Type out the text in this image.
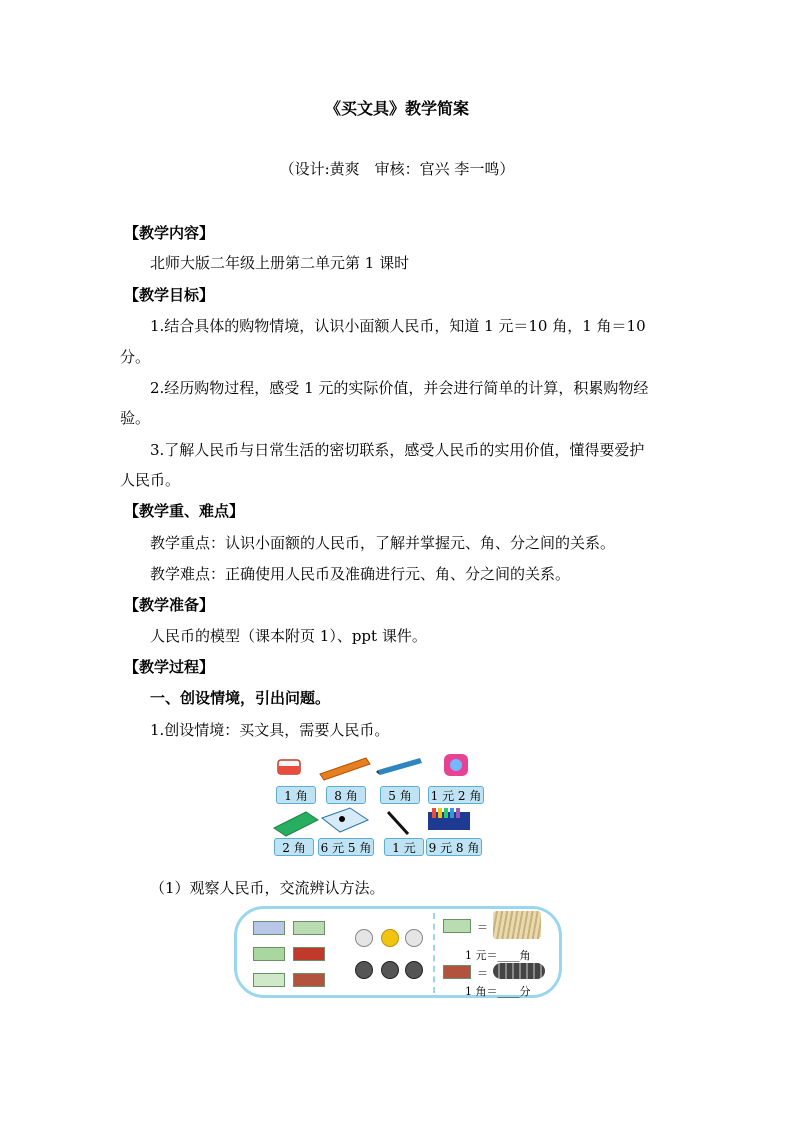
《买文具》教学简案
（设计:黄爽　审核：官兴 李一鸣）
【教学内容】
北师大版二年级上册第二单元第 1 课时
【教学目标】
1.结合具体的购物情境，认识小面额人民币，知道 1 元＝10 角，1 角＝10
分。
2.经历购物过程，感受 1 元的实际价值，并会进行简单的计算，积累购物经
验。
3.了解人民币与日常生活的密切联系，感受人民币的实用价值，懂得要爱护
人民币。
【教学重、难点】
教学重点：认识小面额的人民币，了解并掌握元、角、分之间的关系。
教学难点：正确使用人民币及准确进行元、角、分之间的关系。
【教学准备】
人民币的模型（课本附页 1）、ppt 课件。
【教学过程】
一、创设情境，引出问题。
1.创设情境：买文具，需要人民币。
1 角	8 角	5 角	1 元 2 角
2 角	6 元 5 角	1 元	9 元 8 角
（1）观察人民币，交流辨认方法。
＝
1 元＝____角
＝
1 角＝____分
